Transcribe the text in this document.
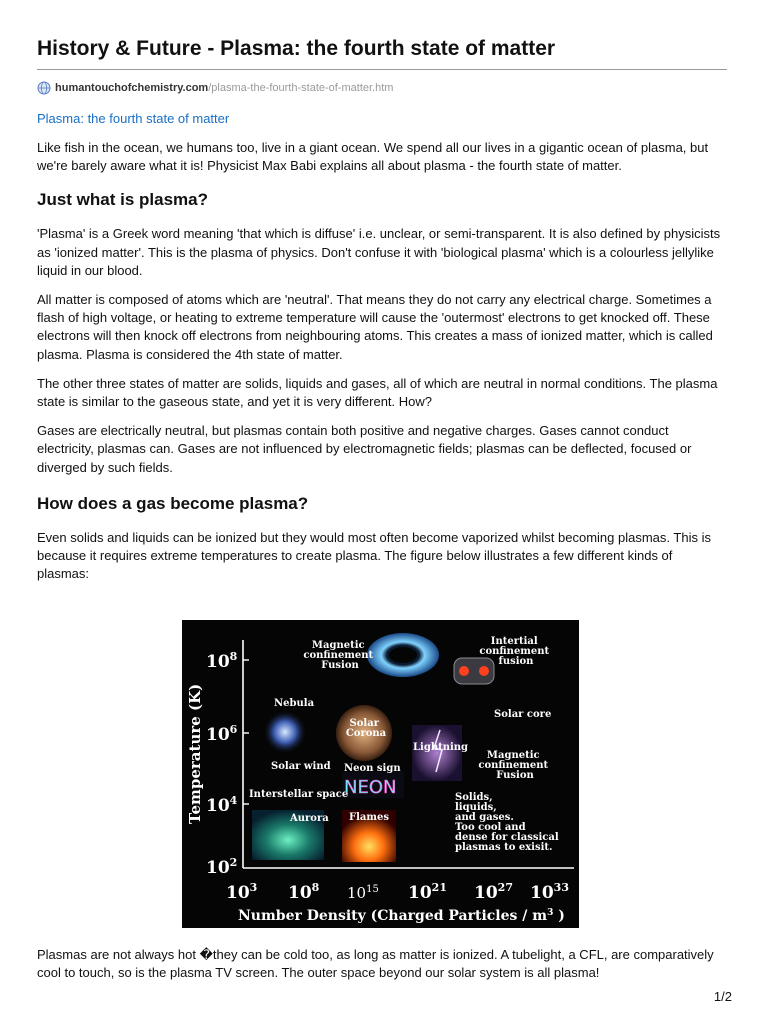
History & Future - Plasma: the fourth state of matter
humantouchofchemistry.com /plasma-the-fourth-state-of-matter.htm
Plasma: the fourth state of matter

Like fish in the ocean, we humans too, live in a giant ocean. We spend all our lives in a gigantic ocean of plasma, but we're barely aware what it is! Physicist Max Babi explains all about plasma - the fourth state of matter.

Just what is plasma?

'Plasma' is a Greek word meaning 'that which is diffuse' i.e. unclear, or semi-transparent. It is also defined by physicists as 'ionized matter'. This is the plasma of physics. Don't confuse it with 'biological plasma' which is a colourless jellylike liquid in our blood.

All matter is composed of atoms which are 'neutral'. That means they do not carry any electrical charge. Sometimes a flash of high voltage, or heating to extreme temperature will cause the 'outermost' electrons to get knocked off. These electrons will then knock off electrons from neighbouring atoms. This creates a mass of ionized matter, which is called plasma. Plasma is considered the 4th state of matter.

The other three states of matter are solids, liquids and gases, all of which are neutral in normal conditions. The plasma state is similar to the gaseous state, and yet it is very different. How?

Gases are electrically neutral, but plasmas contain both positive and negative charges. Gases cannot conduct electricity, plasmas can. Gases are not influenced by electromagnetic fields; plasmas can be deflected, focused or diverged by such fields.

How does a gas become plasma?

Even solids and liquids can be ionized but they would most often become vaporized whilst becoming plasmas. This is because it requires extreme temperatures to create plasma. The figure below illustrates a few different kinds of plasmas:

$10^8$
$10^6$
$10^4$
$10^2$
Temperature (K)
$10^3$ $10^8$ $10^{15}$ $10^{21}$ $10^{27}$ $10^{33}$
Number Density (Charged Particles / $m^3$ )
Magnetic confinement Fusion
Intertial confinement fusion
Nebula
Solar Corona
Solar core
Lightning
Magnetic confinement Fusion
Solar wind Neon sign
Interstellar space	Solids, liquids, and gases. Too cool and dense for classical plasmas to exisit.
Aurora Flames
NEON

Plasmas are not always hot �they can be cold too, as long as matter is ionized. A tubelight, a CFL, are comparatively cool to touch, so is the plasma TV screen. The outer space beyond our solar system is all plasma!

1/2
